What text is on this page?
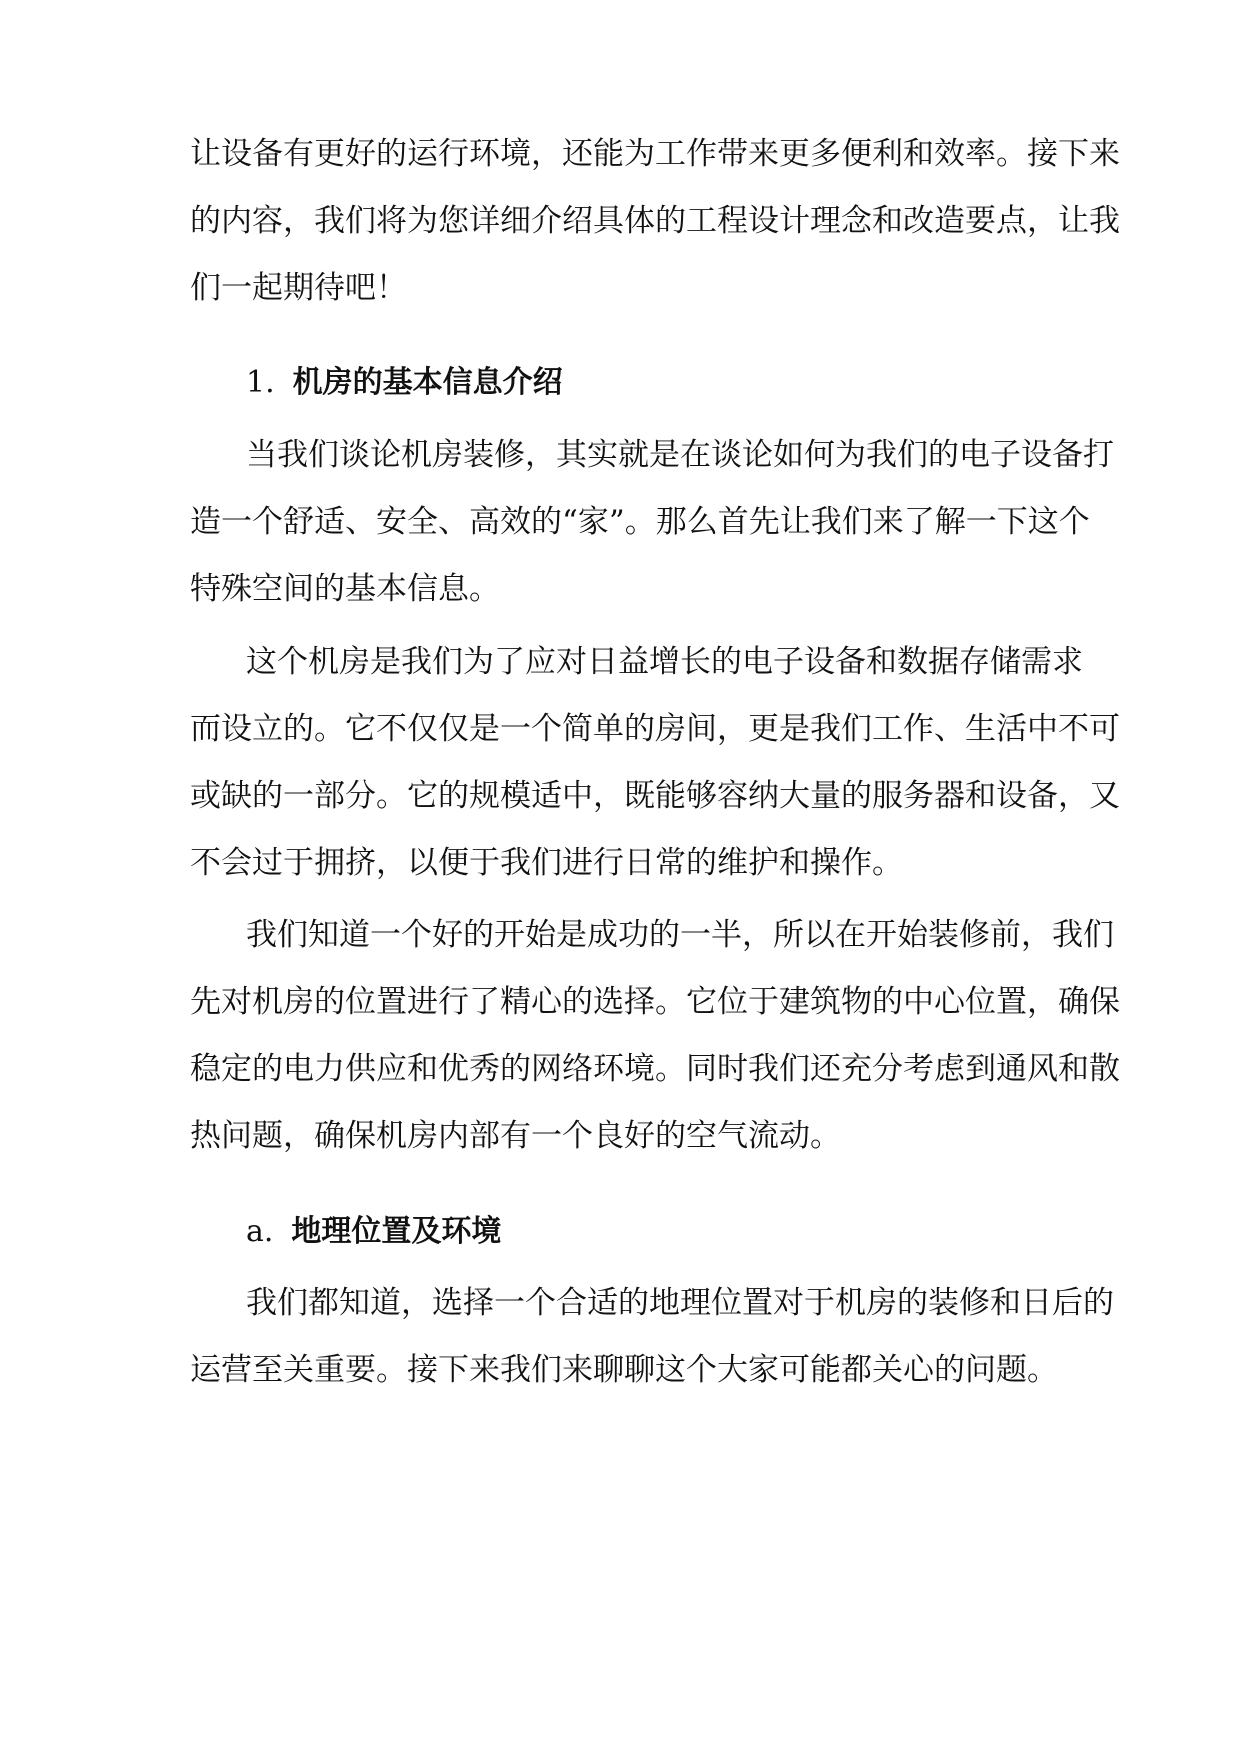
让设备有更好的运行环境，还能为工作带来更多便利和效率。接下来
的内容，我们将为您详细介绍具体的工程设计理念和改造要点，让我
们一起期待吧！
1. 机房的基本信息介绍
当我们谈论机房装修，其实就是在谈论如何为我们的电子设备打
造一个舒适、安全、高效的“家”。那么首先让我们来了解一下这个
特殊空间的基本信息。
这个机房是我们为了应对日益增长的电子设备和数据存储需求
而设立的。它不仅仅是一个简单的房间，更是我们工作、生活中不可
或缺的一部分。它的规模适中，既能够容纳大量的服务器和设备，又
不会过于拥挤，以便于我们进行日常的维护和操作。
我们知道一个好的开始是成功的一半，所以在开始装修前，我们
先对机房的位置进行了精心的选择。它位于建筑物的中心位置，确保
稳定的电力供应和优秀的网络环境。同时我们还充分考虑到通风和散
热问题，确保机房内部有一个良好的空气流动。
a. 地理位置及环境
我们都知道，选择一个合适的地理位置对于机房的装修和日后的
运营至关重要。接下来我们来聊聊这个大家可能都关心的问题。
